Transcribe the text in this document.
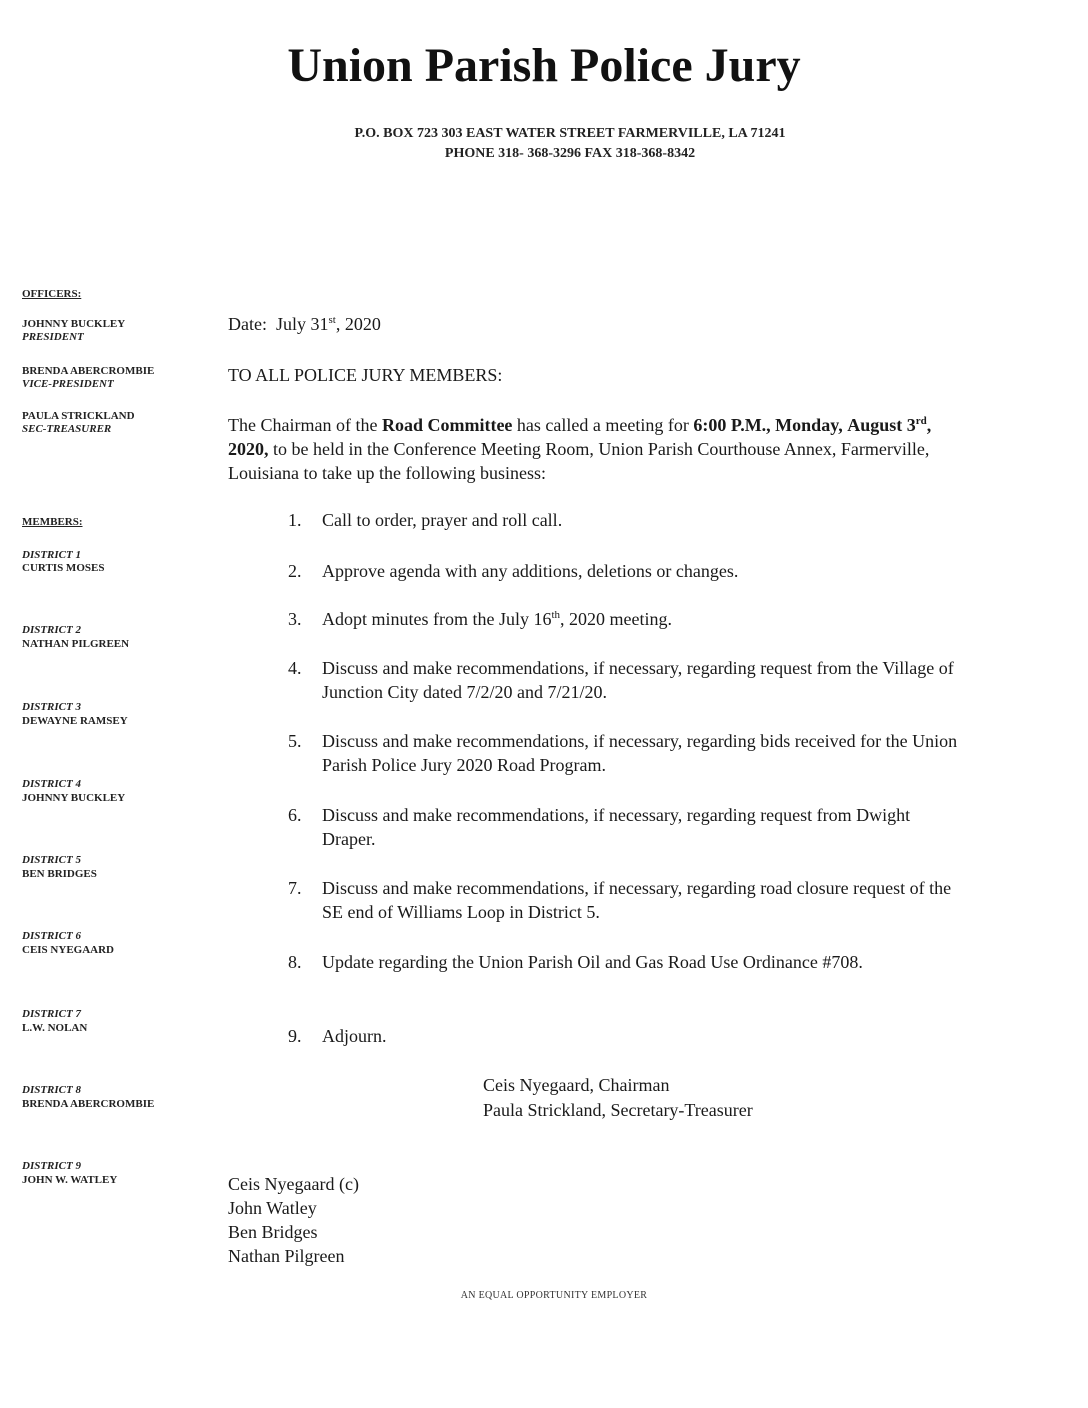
Union Parish Police Jury
P.O. BOX 723 303 EAST WATER STREET FARMERVILLE, LA 71241
PHONE 318- 368-3296 FAX 318-368-8342
OFFICERS:
JOHNNY BUCKLEY
PRESIDENT
BRENDA ABERCROMBIE
VICE-PRESIDENT
PAULA STRICKLAND
SEC-TREASURER
MEMBERS:
DISTRICT 1
CURTIS MOSES
DISTRICT 2
NATHAN PILGREEN
DISTRICT 3
DEWAYNE RAMSEY
DISTRICT 4
JOHNNY BUCKLEY
DISTRICT 5
BEN BRIDGES
DISTRICT 6
CEIS NYEGAARD
DISTRICT 7
L.W. NOLAN
DISTRICT 8
BRENDA ABERCROMBIE
DISTRICT 9
JOHN W. WATLEY
Date: July 31st, 2020
TO ALL POLICE JURY MEMBERS:
The Chairman of the Road Committee has called a meeting for 6:00 P.M., Monday, August 3rd, 2020, to be held in the Conference Meeting Room, Union Parish Courthouse Annex, Farmerville, Louisiana to take up the following business:
1.	Call to order, prayer and roll call.
2.	Approve agenda with any additions, deletions or changes.
3.	Adopt minutes from the July 16th, 2020 meeting.
4.	Discuss and make recommendations, if necessary, regarding request from the Village of Junction City dated 7/2/20 and 7/21/20.
5.	Discuss and make recommendations, if necessary, regarding bids received for the Union Parish Police Jury 2020 Road Program.
6.	Discuss and make recommendations, if necessary, regarding request from Dwight Draper.
7.	Discuss and make recommendations, if necessary, regarding road closure request of the SE end of Williams Loop in District 5.
8.	Update regarding the Union Parish Oil and Gas Road Use Ordinance #708.
9.	Adjourn.
Ceis Nyegaard, Chairman
Paula Strickland, Secretary-Treasurer
Ceis Nyegaard (c)
John Watley
Ben Bridges
Nathan Pilgreen
AN EQUAL OPPORTUNITY EMPLOYER
